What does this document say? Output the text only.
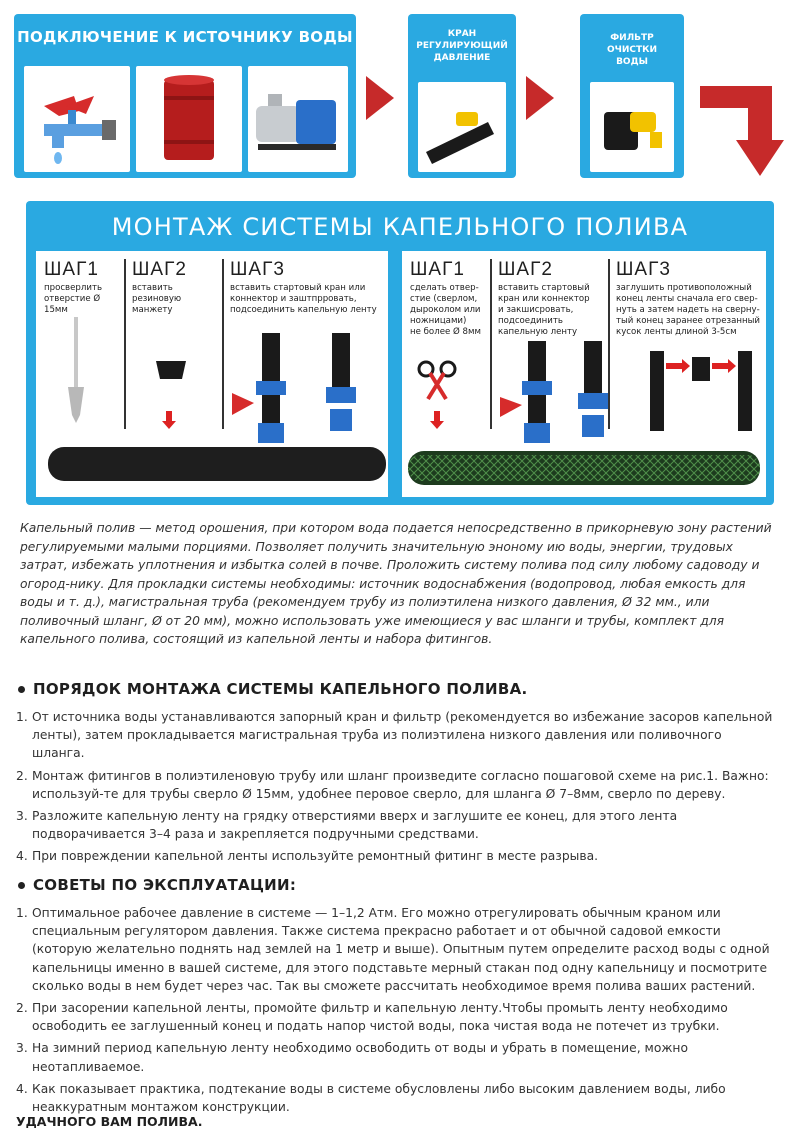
ПОДКЛЮЧЕНИЕ К ИСТОЧНИКУ ВОДЫ	КРАН
РЕГУЛИРУЮЩИЙ
ДАВЛЕНИЕ
ФИЛЬТР
ОЧИСТКИ
ВОДЫ
МОНТАЖ СИСТЕМЫ КАПЕЛЬНОГО ПОЛИВА
ШАГ1
просверлить
отверстие Ø 15мм
ШАГ2
вставить резиновую
манжету
ШАГ3
вставить стартовый кран или
коннектор и заштпрровать,
подсоединить капельную ленту
ШАГ1
сделать отвер-
стие (сверлом,
дыроколом или
ножницами)
не более Ø 8мм
ШАГ2
вставить стартовый
кран или коннектор
и закшисровать,
подсоединить
капельную ленту
ШАГ3
заглушить противоположный
конец ленты сначала его свер-
нуть а затем надеть на сверну-
тый конец заранее отрезанный
кусок ленты длиной 3-5см
Капельный полив — метод орошения, при котором вода подается непосредственно в прикорневую зону растений регулируемыми малыми порциями. Позволяет получить значительную эноному ию воды, энергии, трудовых затрат, избежать уплотнения и избытка солей в почве. Проложить систему полива под силу любому садоводу и огород-нику. Для прокладки системы необходимы: источник водоснабжения (водопровод, любая емкость для воды и т. д.), магистральная труба (рекомендуем трубу из полиэтилена низкого давления, Ø 32 мм., или поливочный шланг, Ø от 20 мм), можно использовать уже имеющиеся у вас шланги и трубы, комплект для капельного полива, состоящий из капельной ленты и набора фитингов.
ПОРЯДОК МОНТАЖА СИСТЕМЫ КАПЕЛЬНОГО ПОЛИВА.
1. От источника воды устанавливаются запорный кран и фильтр (рекомендуется во избежание засоров капельной ленты), затем прокладывается магистральная труба из полиэтилена низкого давления или поливочного шланга.
2. Монтаж фитингов в полиэтиленовую трубу или шланг произведите согласно пошаговой схеме на рис.1. Важно: используй-те для трубы сверло Ø 15мм, удобнее перовое сверло, для шланга Ø 7–8мм, сверло по дереву.
3. Разложите капельную ленту на грядку отверстиями вверх и заглушите ее конец, для этого лента подворачивается 3–4 раза и закрепляется подручными средствами.
4. При повреждении капельной ленты используйте ремонтный фитинг в месте разрыва.
СОВЕТЫ ПО ЭКСПЛУАТАЦИИ:
1. Оптимальное рабочее давление в системе — 1–1,2 Атм. Его можно отрегулировать обычным краном или специальным регулятором давления. Также система прекрасно работает и от обычной садовой емкости (которую желательно поднять над землей на 1 метр и выше). Опытным путем определите расход воды с одной капельницы именно в вашей системе, для этого подставьте мерный стакан под одну капельницу и посмотрите сколько воды в нем будет через час. Так вы сможете рассчитать необходимое время полива ваших растений.
2. При засорении капельной ленты, промойте фильтр и капельную ленту.Чтобы промыть ленту необходимо освободить ее заглушенный конец и подать напор чистой воды, пока чистая вода не потечет из трубки.
3. На зимний период капельную ленту необходимо освободить от воды и убрать в помещение, можно неотапливаемое.
4. Как показывает практика, подтекание воды в системе обусловлены либо высоким давлением воды, либо неаккуратным монтажом конструкции.
УДАЧНОГО ВАМ ПОЛИВА.
